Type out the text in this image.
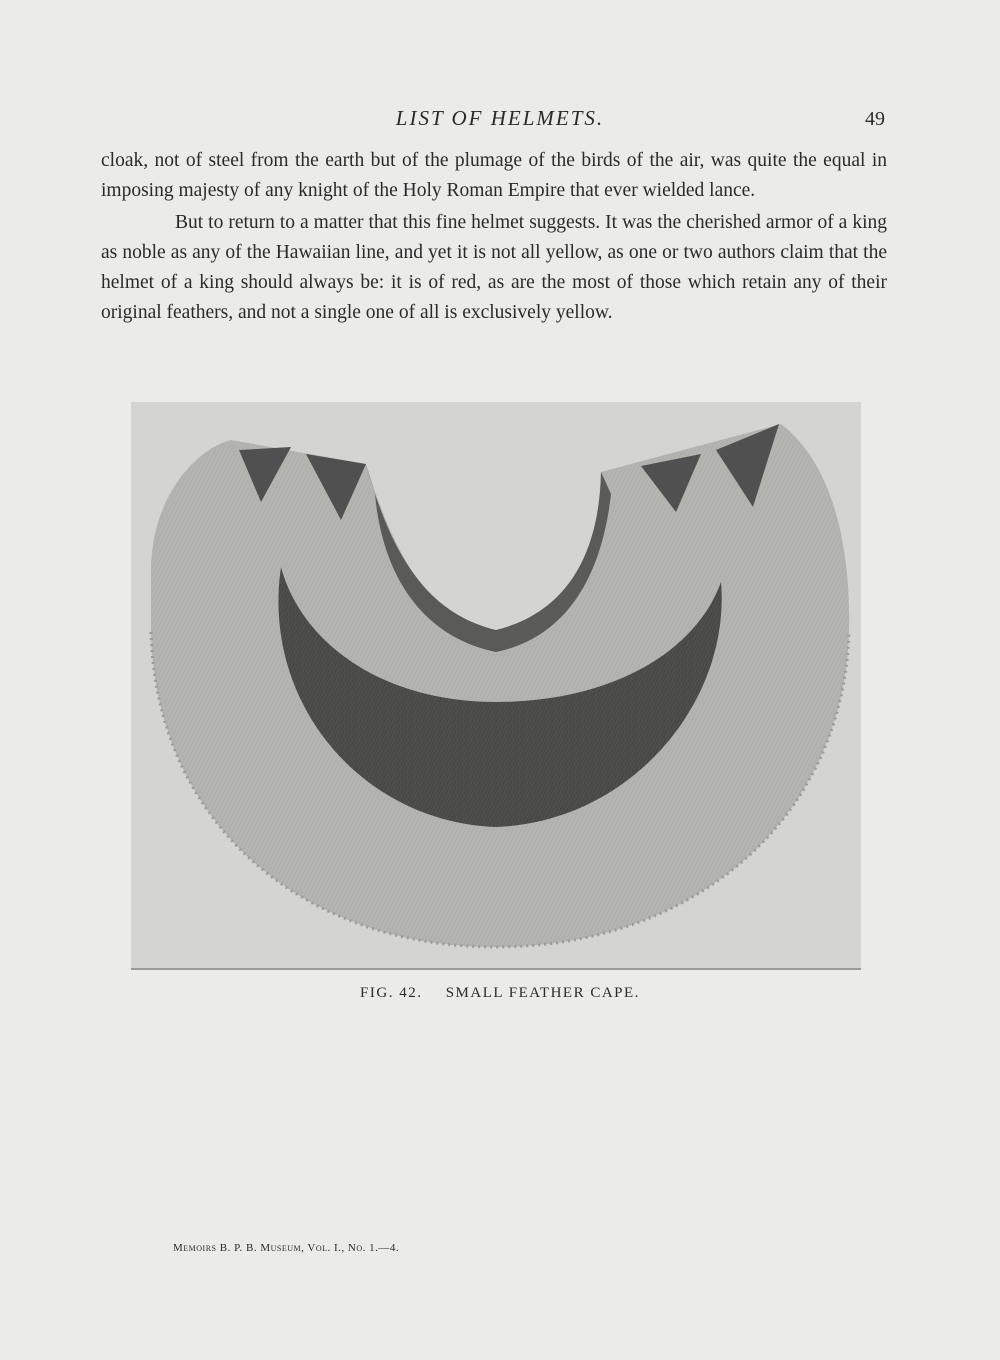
LIST OF HELMETS.	49

cloak, not of steel from the earth but of the plumage of the birds of the air, was quite the equal in imposing majesty of any knight of the Holy Roman Empire that ever wielded lance.

But to return to a matter that this fine helmet suggests. It was the cherished armor of a king as noble as any of the Hawaiian line, and yet it is not all yellow, as one or two authors claim that the helmet of a king should always be: it is of red, as are the most of those which retain any of their original feathers, and not a single one of all is exclusively yellow.

FIG. 42. SMALL FEATHER CAPE.
Memoirs B. P. B. Museum, Vol. I., No. 1.—4.
